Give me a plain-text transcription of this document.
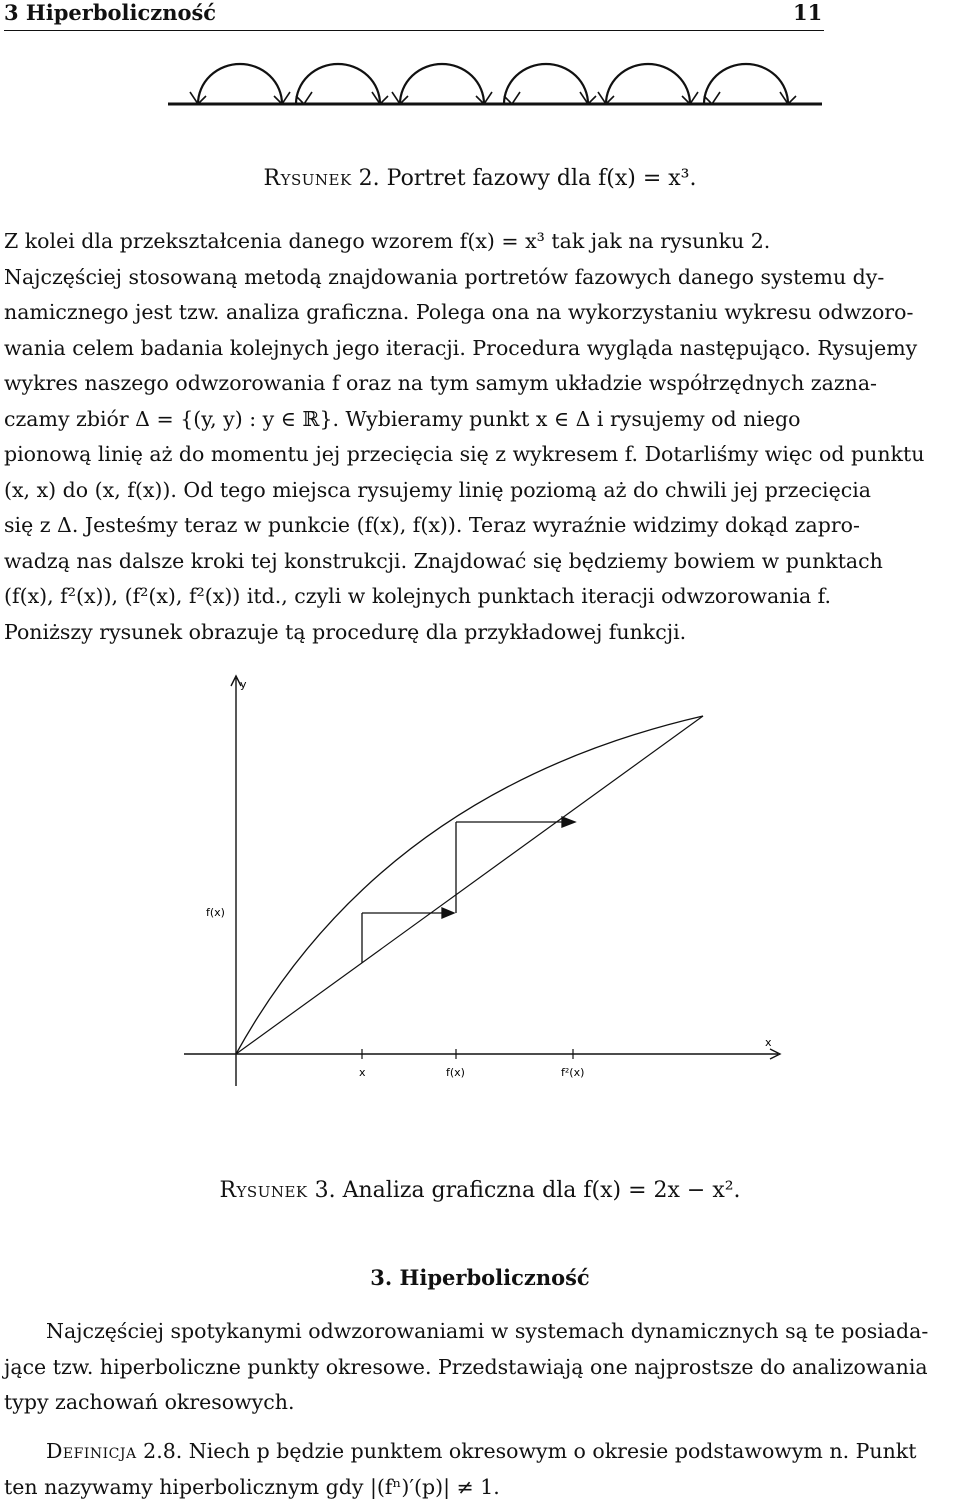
3 Hiperboliczność	11
Rysunek 2. Portret fazowy dla f(x) = x³.
Z kolei dla przekształcenia danego wzorem f(x) = x³ tak jak na rysunku 2.
Najczęściej stosowaną metodą znajdowania portretów fazowych danego systemu dy-
namicznego jest tzw. analiza graficzna. Polega ona na wykorzystaniu wykresu odwzoro-
wania celem badania kolejnych jego iteracji. Procedura wygląda następująco. Rysujemy
wykres naszego odwzorowania f oraz na tym samym układzie współrzędnych zazna-
czamy zbiór Δ = {(y, y) : y ∈ ℝ}. Wybieramy punkt x ∈ Δ i rysujemy od niego
pionową linię aż do momentu jej przecięcia się z wykresem f. Dotarliśmy więc od punktu
(x, x) do (x, f(x)). Od tego miejsca rysujemy linię poziomą aż do chwili jej przecięcia
się z Δ. Jesteśmy teraz w punkcie (f(x), f(x)). Teraz wyraźnie widzimy dokąd zapro-
wadzą nas dalsze kroki tej konstrukcji. Znajdować się będziemy bowiem w punktach
(f(x), f²(x)), (f²(x), f²(x)) itd., czyli w kolejnych punktach iteracji odwzorowania f.
Poniższy rysunek obrazuje tą procedurę dla przykładowej funkcji.
y
x
f(x)
x	f(x)	f²(x)
Rysunek 3. Analiza graficzna dla f(x) = 2x − x².
3. Hiperboliczność
Najczęściej spotykanymi odwzorowaniami w systemach dynamicznych są te posiada-
jące tzw. hiperboliczne punkty okresowe. Przedstawiają one najprostsze do analizowania
typy zachowań okresowych.
Definicja 2.8. Niech p będzie punktem okresowym o okresie podstawowym n. Punkt
ten nazywamy hiperbolicznym gdy |(fⁿ)′(p)| ≠ 1.
